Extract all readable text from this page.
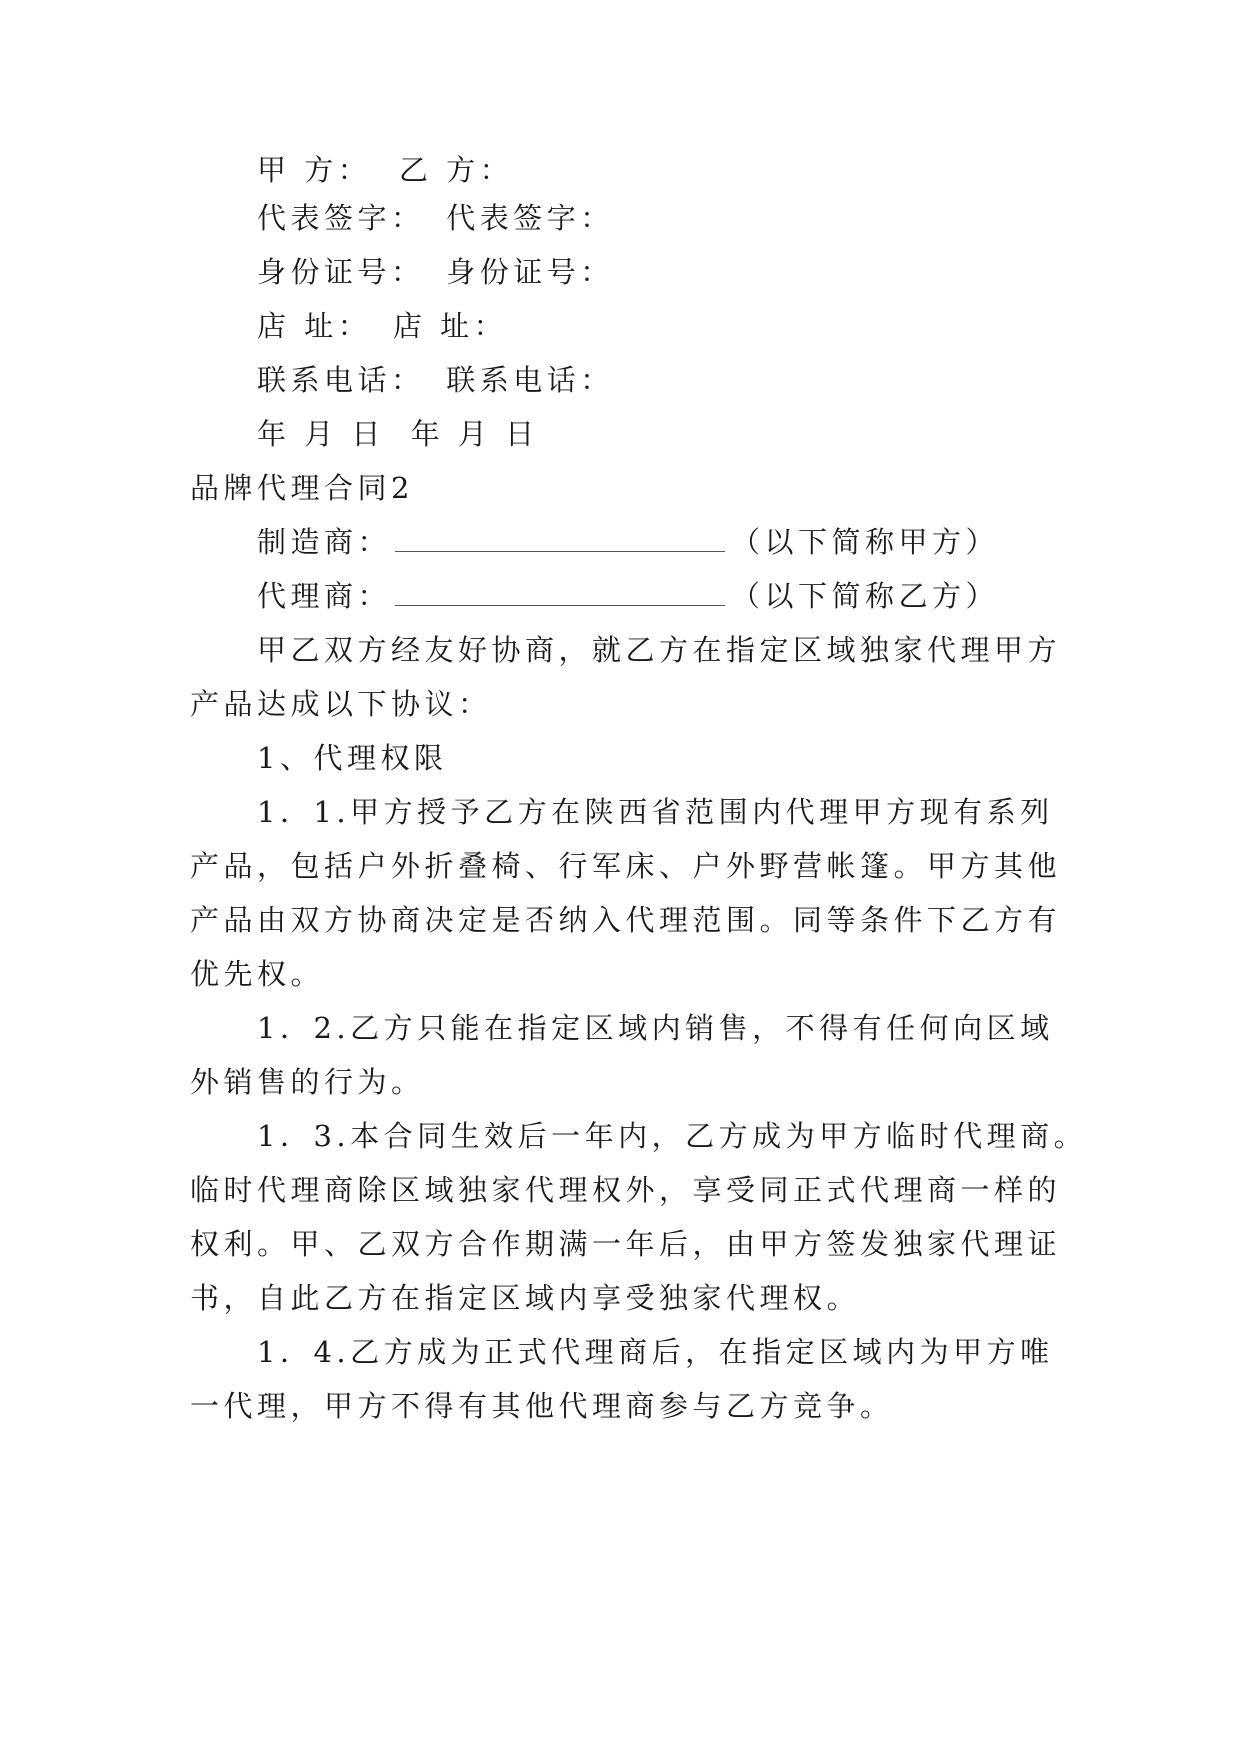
甲 方： 乙 方：
代表签字： 代表签字：
身份证号： 身份证号：
店 址： 店 址：
联系电话： 联系电话：
年 月 日 年 月 日
品牌代理合同2
制造商：	（以下简称甲方）
代理商：	（以下简称乙方）
甲乙双方经友好协商，就乙方在指定区域独家代理甲方
产品达成以下协议：
1、代理权限
1．1.甲方授予乙方在陕西省范围内代理甲方现有系列
产品，包括户外折叠椅、行军床、户外野营帐篷。甲方其他
产品由双方协商决定是否纳入代理范围。同等条件下乙方有
优先权。
1．2.乙方只能在指定区域内销售，不得有任何向区域
外销售的行为。
1．3.本合同生效后一年内，乙方成为甲方临时代理商。
临时代理商除区域独家代理权外，享受同正式代理商一样的
权利。甲、乙双方合作期满一年后，由甲方签发独家代理证
书，自此乙方在指定区域内享受独家代理权。
1．4.乙方成为正式代理商后，在指定区域内为甲方唯
一代理，甲方不得有其他代理商参与乙方竞争。
